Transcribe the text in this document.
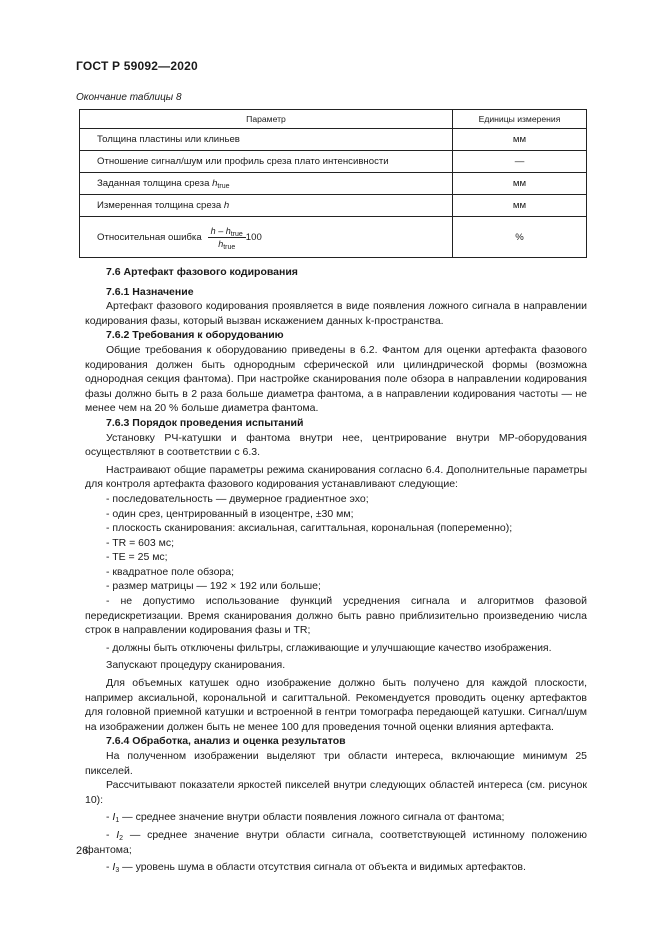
ГОСТ Р 59092—2020
Окончание таблицы 8
Параметр	Единицы измерения
Толщина пластины или клиньев	мм
Отношение сигнал/шум или профиль среза плато интенсивности	—
Заданная толщина среза $h_{true}$	мм
Измеренная толщина среза h	мм
Относительная ошибка $\frac{h - h_{true}}{h_{true}} 100$	%

7.6 Артефакт фазового кодирования

7.6.1 Назначение

Артефакт фазового кодирования проявляется в виде появления ложного сигнала в направлении кодирования фазы, который вызван искажением данных k-пространства.

7.6.2 Требования к оборудованию

Общие требования к оборудованию приведены в 6.2. Фантом для оценки артефакта фазового кодирования должен быть однородным сферической или цилиндрической формы (возможна однородная секция фантома). При настройке сканирования поле обзора в направлении кодирования фазы должно быть в 2 раза больше диаметра фантома, а в направлении кодирования частоты — не менее чем на 20 % больше диаметра фантома.

7.6.3 Порядок проведения испытаний

Установку РЧ-катушки и фантома внутри нее, центрирование внутри МР-оборудования осуществляют в соответствии с 6.3.

Настраивают общие параметры режима сканирования согласно 6.4. Дополнительные параметры для контроля артефакта фазового кодирования устанавливают следующие:

- последовательность — двумерное градиентное эхо;

- один срез, центрированный в изоцентре, ±30 мм;

- плоскость сканирования: аксиальная, сагиттальная, корональная (попеременно);

- TR = 603 мс;

- TE = 25 мс;

- квадратное поле обзора;

- размер матрицы — 192 × 192 или больше;

- не допустимо использование функций усреднения сигнала и алгоритмов фазовой передискретизации. Время сканирования должно быть равно приблизительно произведению числа строк в направлении кодирования фазы и TR;

- должны быть отключены фильтры, сглаживающие и улучшающие качество изображения.

Запускают процедуру сканирования.

Для объемных катушек одно изображение должно быть получено для каждой плоскости, например аксиальной, корональной и сагиттальной. Рекомендуется проводить оценку артефактов для головной приемной катушки и встроенной в гентри томографа передающей катушки. Сигнал/шум на изображении должен быть не менее 100 для проведения точной оценки влияния артефакта.

7.6.4 Обработка, анализ и оценка результатов

На полученном изображении выделяют три области интереса, включающие минимум 25 пикселей.

Рассчитывают показатели яркостей пикселей внутри следующих областей интереса (см. рисунок 10):

- $I_1$ — среднее значение внутри области появления ложного сигнала от фантома;

- $I_2$ — среднее значение внутри области сигнала, соответствующей истинному положению фантома;

- $I_3$ — уровень шума в области отсутствия сигнала от объекта и видимых артефактов.

26
